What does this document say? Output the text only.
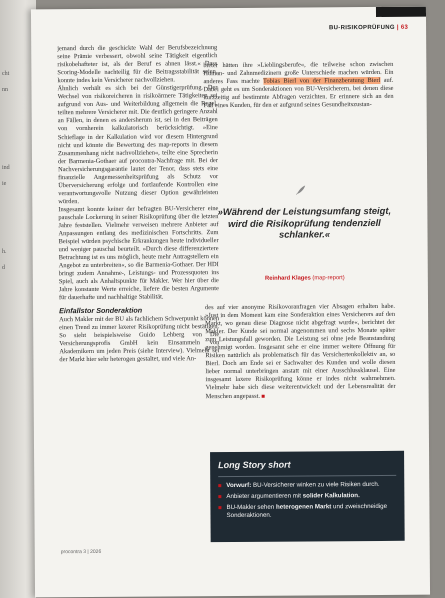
cht
nn
ind
ie
h.
d
BU-RISIKOPRÜFUNG | 63

jemand durch die geschickte Wahl der Berufsbezeichnung seine Prämie verbessert, obwohl seine Tätigkeit eigentlich risikobehafteter ist, als der Beruf es ahnen lässt.« Dass Scoring-Modelle nachteilig für die Beitragsstabilität seien, konnte indes kein Versicherer nachvollziehen.

Ähnlich verhält es sich bei der Günstigerprüfung. Der Wechsel von risikoreicheren in risikoärmere Tätigkeiten sei aufgrund von Aus- und Weiterbildung allgemein die Regel, teilten mehrere Versicherer mit. Die deutlich geringere Anzahl an Fällen, in denen es andersherum ist, sei in den Beiträgen von vornherein kalkulatorisch berücksichtigt. »Eine Schieflage in der Kalkulation wird vor diesem Hintergrund nicht und könnte die Bewertung des map-reports in diesem Zusammenhang nicht nachvollziehen«, teilte eine Sprecherin der Barmenia-Gothaer auf procontra-Nachfrage mit. Bei der Nachversicherungsgarantie lautet der Tenor, dass stets eine finanzielle Angemessenheitsprüfung als Schutz vor Überversicherung erfolge und fortlaufende Kontrollen eine verantwortungsvolle Nutzung dieser Option gewährleisten würden.

Insgesamt konnte keiner der befragten BU-Versicherer eine pauschale Lockerung in seiner Risikoprüfung über die letzten Jahre feststellen. Vielmehr verweisen mehrere Anbieter auf Anpassungen entlang des medizinischen Fortschritts. Zum Beispiel würden psychische Erkrankungen heute individueller und weniger pauschal beurteilt. »Durch diese differenziertere Betrachtung ist es uns möglich, heute mehr Antragstellern ein Angebot zu unterbreiten«, so die Barmenia-Gothaer. Der HDI bringt zudem Annahme-, Leistungs- und Prozessquoten ins Spiel, auch als Anhaltspunkte für Makler. Wer hier über die Jahre konstante Werte erreiche, liefere die besten Argumente für dauerhafte und nachhaltige Stabilität.

Einfallstor Sonderaktion

Auch Makler mit der BU als fachlichem Schwerpunkt können einen Trend zu immer laxerer Risikoprüfung nicht bestätigen. So sieht beispielsweise Guido Lehberg von Die Versicherungsprofis GmbH kein Einsammeln von Akademikern um jeden Preis (siehe Interview). Vielmehr sei der Markt hier sehr heterogen gestaltet, und viele An-

bieter hätten ihre »Lieblingsberufe«, die teilweise schon zwischen Human- und Zahnmedizinern große Unterschiede machen würden. Ein anderes Fass machte Tobias Bierl von der Finanzberatung Bierl auf. Dabei geht es um Sonderaktionen von BU-Versicherern, bei denen diese kurzzeitig auf bestimmte Abfragen verzichten. Er erinnere sich an den Fall eines Kunden, für den er aufgrund seines Gesundheitszustan-

»Während der Leistungsumfang steigt, wird die Risikoprüfung tendenziell schlanker.«
Reinhard Klages (map-report)

des auf vier anonyme Risikovoranfragen vier Absagen erhalten habe. »Just in dem Moment kam eine Sonderaktion eines Versicherers auf den Markt, wo genau diese Diagnose nicht abgefragt wurde«, berichtet der Makler. Der Kunde sei normal angenommen und sechs Monate später zum Leistungsfall geworden. Die Leistung sei ohne jede Beanstandung genehmigt worden. Insgesamt sehe er eine immer weitere Öffnung für Risiken natürlich als problematisch für das Versichertenkollektiv an, so Bierl. Doch am Ende sei er Sachwalter des Kunden und wolle diesen lieber normal unterbringen anstatt mit einer Ausschlussklausel. Eine insgesamt laxere Risikoprüfung könne er indes nicht wahrnehmen. Vielmehr habe sich diese weiterentwickelt und der Lebensrealität der Menschen angepasst.

Long Story short
Vorwurf: BU-Versicherer winken zu viele Risiken durch.
Anbieter argumentieren mit solider Kalkulation.
BU-Makler sehen heterogenen Markt und zweischneidige Sonderaktionen.
procontra 3 | 2026
